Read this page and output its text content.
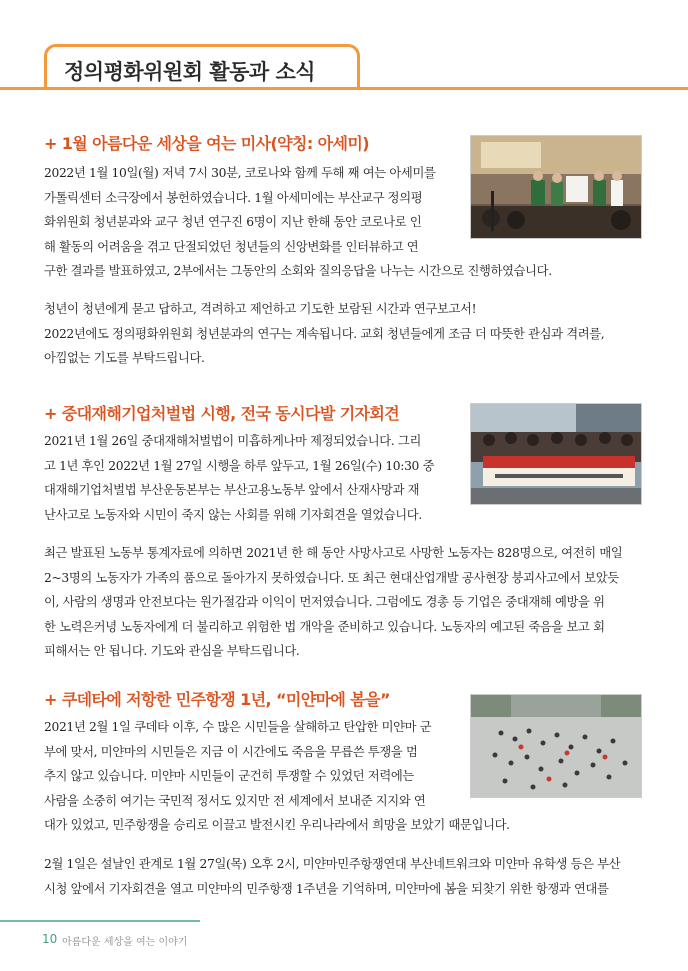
정의평화위원회 활동과 소식
+ 1월 아름다운 세상을 여는 미사(약칭: 아세미)
2022년 1월 10일(월) 저녁 7시 30분, 코로나와 함께 두해 째 여는 아세미를
가톨릭센터 소극장에서 봉헌하였습니다. 1월 아세미에는 부산교구 정의평
화위원회 청년분과와 교구 청년 연구진 6명이 지난 한해 동안 코로나로 인
해 활동의 어려움을 겪고 단절되었던 청년들의 신앙변화를 인터뷰하고 연
구한 결과를 발표하였고, 2부에서는 그동안의 소회와 질의응답을 나누는 시간으로 진행하였습니다.
청년이 청년에게 묻고 답하고, 격려하고 제언하고 기도한 보람된 시간과 연구보고서!
2022년에도 정의평화위원회 청년분과의 연구는 계속됩니다. 교회 청년들에게 조금 더 따뜻한 관심과 격려를,
아낌없는 기도를 부탁드립니다.
+ 중대재해기업처벌법 시행, 전국 동시다발 기자회견
2021년 1월 26일 중대재해처벌법이 미흡하게나마 제정되었습니다. 그리
고 1년 후인 2022년 1월 27일 시행을 하루 앞두고, 1월 26일(수) 10:30 중
대재해기업처벌법 부산운동본부는 부산고용노동부 앞에서 산재사망과 재
난사고로 노동자와 시민이 죽지 않는 사회를 위해 기자회견을 열었습니다.
최근 발표된 노동부 통계자료에 의하면 2021년 한 해 동안 사망사고로 사망한 노동자는 828명으로, 여전히 매일
2~3명의 노동자가 가족의 품으로 돌아가지 못하였습니다. 또 최근 현대산업개발 공사현장 붕괴사고에서 보았듯
이, 사람의 생명과 안전보다는 원가절감과 이익이 먼저였습니다. 그럼에도 경총 등 기업은 중대재해 예방을 위
한 노력은커녕 노동자에게 더 불리하고 위험한 법 개악을 준비하고 있습니다. 노동자의 예고된 죽음을 보고 회
피해서는 안 됩니다. 기도와 관심을 부탁드립니다.
+ 쿠데타에 저항한 민주항쟁 1년, “미얀마에 봄을”
2021년 2월 1일 쿠데타 이후, 수 많은 시민들을 살해하고 탄압한 미얀마 군
부에 맞서, 미얀마의 시민들은 지금 이 시간에도 죽음을 무릅쓴 투쟁을 멈
추지 않고 있습니다. 미얀마 시민들이 군건히 투쟁할 수 있었던 저력에는
사람을 소중히 여기는 국민적 정서도 있지만 전 세계에서 보내준 지지와 연
대가 있었고, 민주항쟁을 승리로 이끌고 발전시킨 우리나라에서 희망을 보았기 때문입니다.
2월 1일은 설날인 관계로 1월 27일(목) 오후 2시, 미얀마민주항쟁연대 부산네트워크와 미얀마 유학생 등은 부산
시청 앞에서 기자회견을 열고 미얀마의 민주항쟁 1주년을 기억하며, 미얀마에 봄을 되찾기 위한 항쟁과 연대를
10 아름다운 세상을 여는 이야기
